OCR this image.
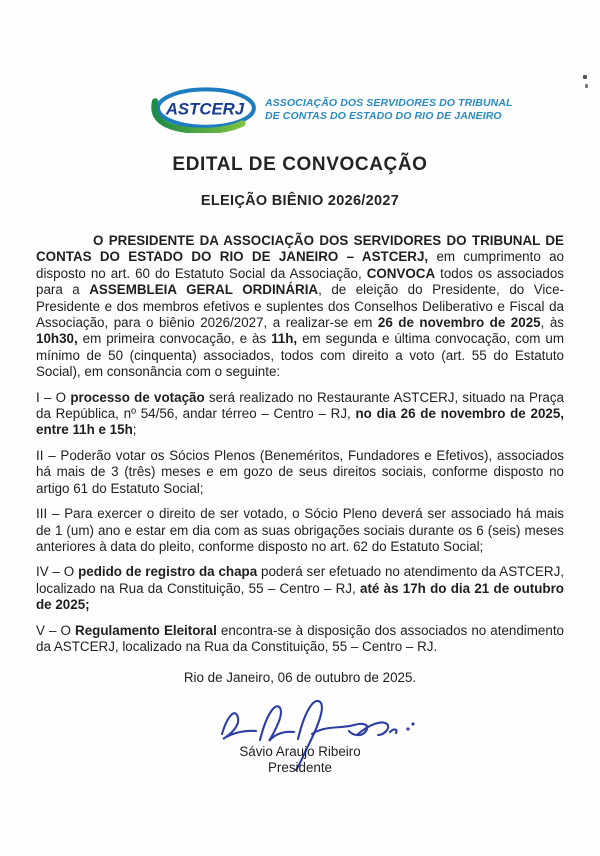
ASTCERJ ASSOCIAÇÃO DOS SERVIDORES DO TRIBUNAL
DE CONTAS DO ESTADO DO RIO DE JANEIRO
EDITAL DE CONVOCAÇÃO
ELEIÇÃO BIÊNIO 2026/2027

O PRESIDENTE DA ASSOCIAÇÃO DOS SERVIDORES DO TRIBUNAL DE CONTAS DO ESTADO DO RIO DE JANEIRO – ASTCERJ, em cumprimento ao disposto no art. 60 do Estatuto Social da Associação, CONVOCA todos os associados para a ASSEMBLEIA GERAL ORDINÁRIA, de eleição do Presidente, do Vice-Presidente e dos membros efetivos e suplentes dos Conselhos Deliberativo e Fiscal da Associação, para o biênio 2026/2027, a realizar-se em 26 de novembro de 2025, às 10h30, em primeira convocação, e às 11h, em segunda e última convocação, com um mínimo de 50 (cinquenta) associados, todos com direito a voto (art. 55 do Estatuto Social), em consonância com o seguinte:

I – O processo de votação será realizado no Restaurante ASTCERJ, situado na Praça da República, nº 54/56, andar térreo – Centro – RJ, no dia 26 de novembro de 2025, entre 11h e 15h;

II – Poderão votar os Sócios Plenos (Beneméritos, Fundadores e Efetivos), associados há mais de 3 (três) meses e em gozo de seus direitos sociais, conforme disposto no artigo 61 do Estatuto Social;

III – Para exercer o direito de ser votado, o Sócio Pleno deverá ser associado há mais de 1 (um) ano e estar em dia com as suas obrigações sociais durante os 6 (seis) meses anteriores à data do pleito, conforme disposto no art. 62 do Estatuto Social;

IV – O pedido de registro da chapa poderá ser efetuado no atendimento da ASTCERJ, localizado na Rua da Constituição, 55 – Centro – RJ, até às 17h do dia 21 de outubro de 2025;

V – O Regulamento Eleitoral encontra-se à disposição dos associados no atendimento da ASTCERJ, localizado na Rua da Constituição, 55 – Centro – RJ.

Rio de Janeiro, 06 de outubro de 2025.
Sávio Araujo Ribeiro
Presidente
